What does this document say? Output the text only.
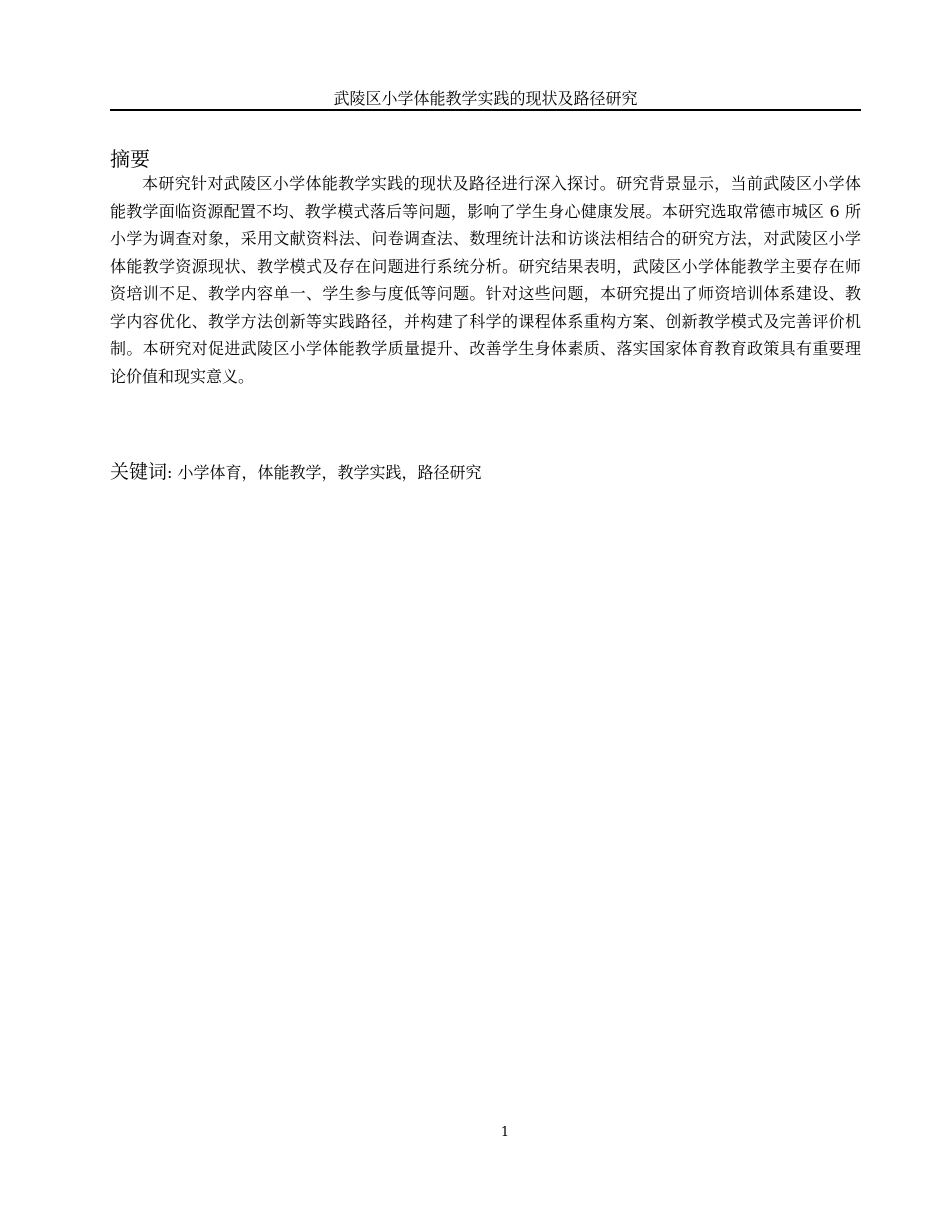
武陵区小学体能教学实践的现状及路径研究
摘要

本研究针对武陵区小学体能教学实践的现状及路径进行深入探讨。研究背景显示，当前武陵区小学体能教学面临资源配置不均、教学模式落后等问题，影响了学生身心健康发展。本研究选取常德市城区 6 所小学为调查对象，采用文献资料法、问卷调查法、数理统计法和访谈法相结合的研究方法，对武陵区小学体能教学资源现状、教学模式及存在问题进行系统分析。研究结果表明，武陵区小学体能教学主要存在师资培训不足、教学内容单一、学生参与度低等问题。针对这些问题，本研究提出了师资培训体系建设、教学内容优化、教学方法创新等实践路径，并构建了科学的课程体系重构方案、创新教学模式及完善评价机制。本研究对促进武陵区小学体能教学质量提升、改善学生身体素质、落实国家体育教育政策具有重要理论价值和现实意义。

关键词: 小学体育，体能教学，教学实践，路径研究
1
